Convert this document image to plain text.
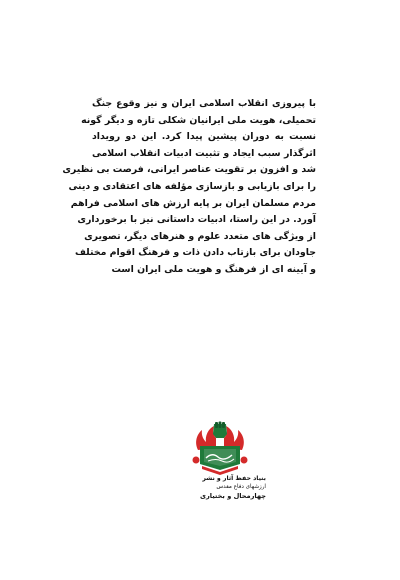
با پیروزی انقلاب اسلامی ایران و نیز وقوع جنگ
تحمیلی، هویت ملی ایرانیان شکلی تازه و دیگر گونه
نسبت به دوران پیشین پیدا کرد. این دو رویداد
اثرگذار سبب ایجاد و تثبیت ادبیات انقلاب اسلامی
شد و افزون بر تقویت عناصر ایرانی، فرصت بی نظیری
را برای بازیابی و بازسازی مؤلفه های اعتقادی و دینی
مردم مسلمان ایران بر پایه ارزش های اسلامی فراهم
آورد. در این راستا، ادبیات داستانی نیز با برخورداری
از ویژگی های متعدد علوم و هنرهای دیگر، تصویری
جاودان برای بازتاب دادن ذات و فرهنگ اقوام مختلف
و آیینه ای از فرهنگ و هویت ملی ایران است
بنیاد حفظ آثار و نشر
ارزشهای دفاع مقدس
چهارمحال و بختیاری
